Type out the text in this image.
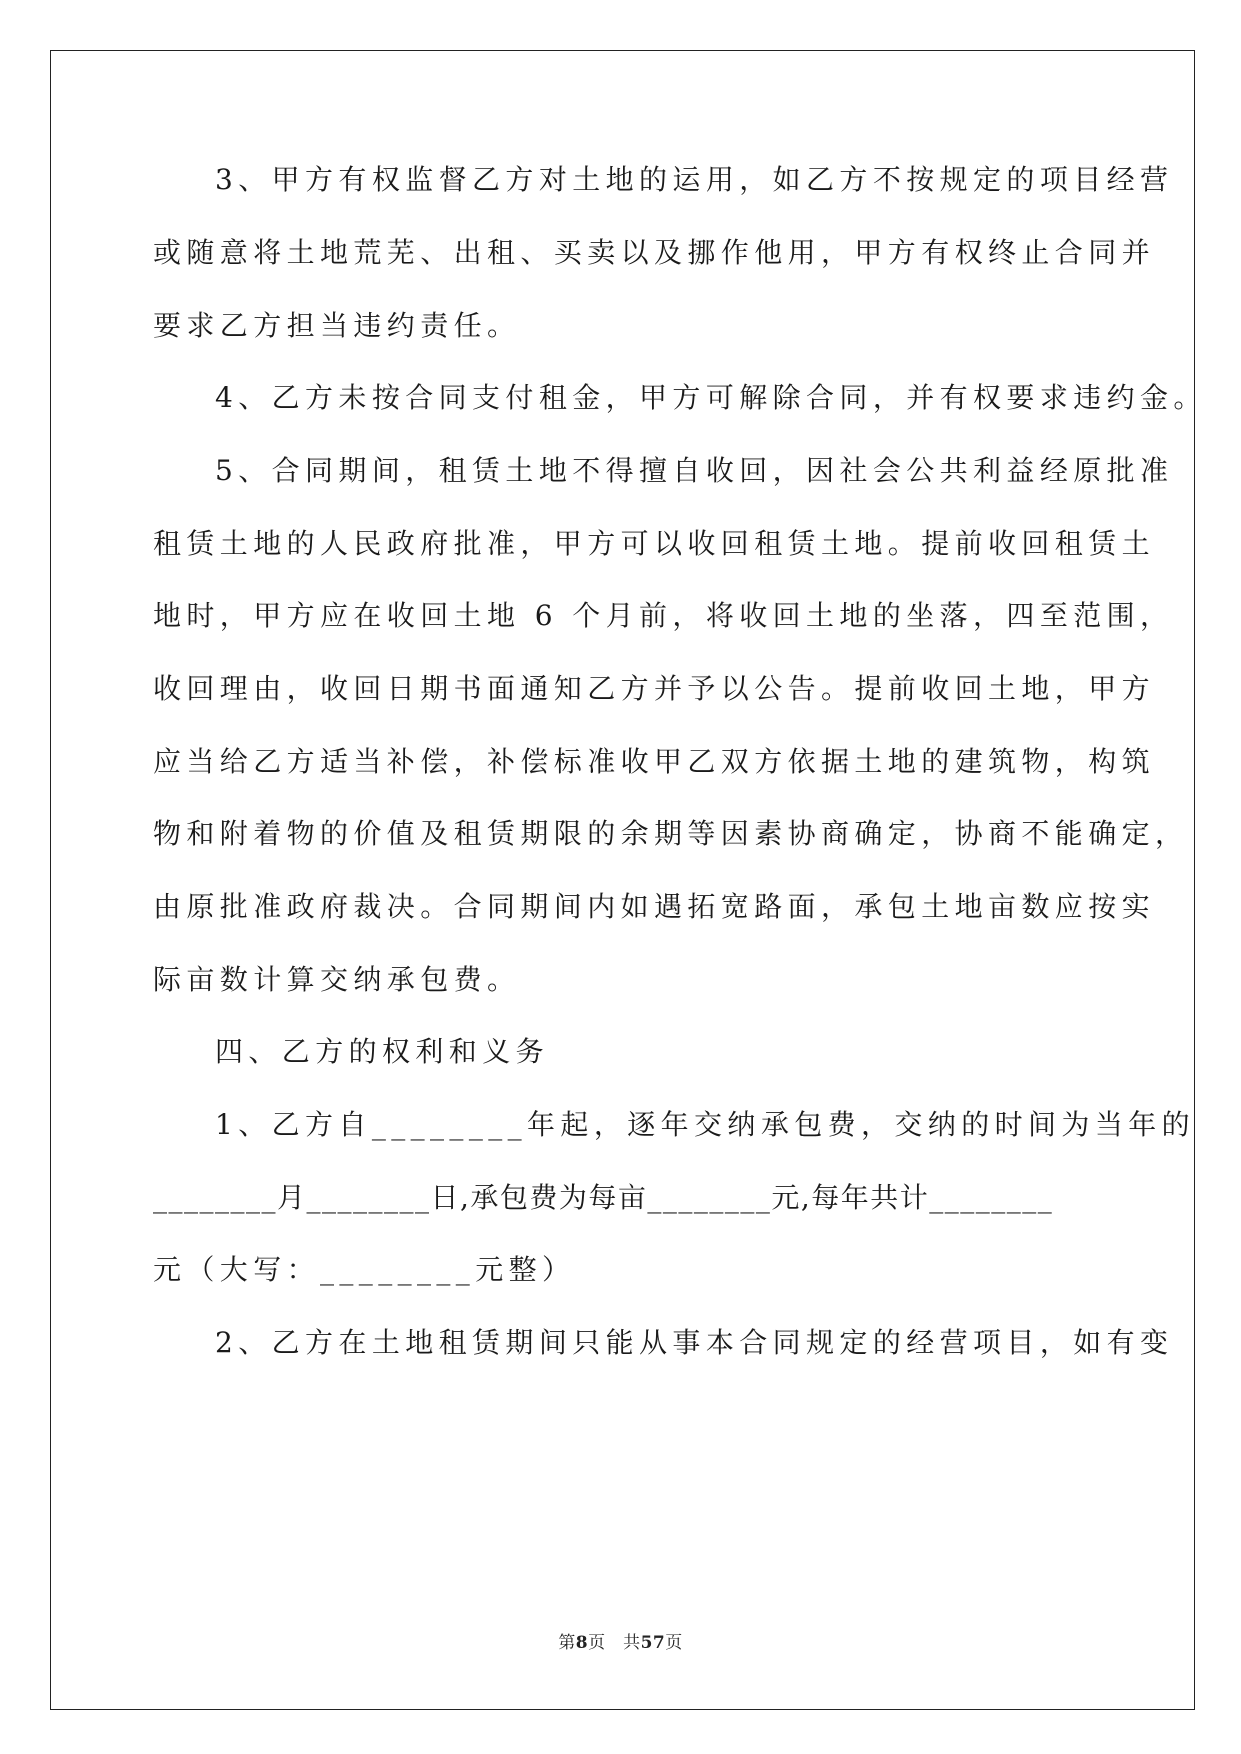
3、甲方有权监督乙方对土地的运用，如乙方不按规定的项目经营
或随意将土地荒芜、出租、买卖以及挪作他用，甲方有权终止合同并
要求乙方担当违约责任。
4、乙方未按合同支付租金，甲方可解除合同，并有权要求违约金。
5、合同期间，租赁土地不得擅自收回，因社会公共利益经原批准
租赁土地的人民政府批准，甲方可以收回租赁土地。提前收回租赁土
地时，甲方应在收回土地 6 个月前，将收回土地的坐落，四至范围，
收回理由，收回日期书面通知乙方并予以公告。提前收回土地，甲方
应当给乙方适当补偿，补偿标准收甲乙双方依据土地的建筑物，构筑
物和附着物的价值及租赁期限的余期等因素协商确定，协商不能确定，
由原批准政府裁决。合同期间内如遇拓宽路面，承包土地亩数应按实
际亩数计算交纳承包费。
四、乙方的权利和义务
1、乙方自________年起，逐年交纳承包费，交纳的时间为当年的
________月________日,承包费为每亩________元,每年共计________
元（大写：________元整）
2、乙方在土地租赁期间只能从事本合同规定的经营项目，如有变
第8页　共57页
